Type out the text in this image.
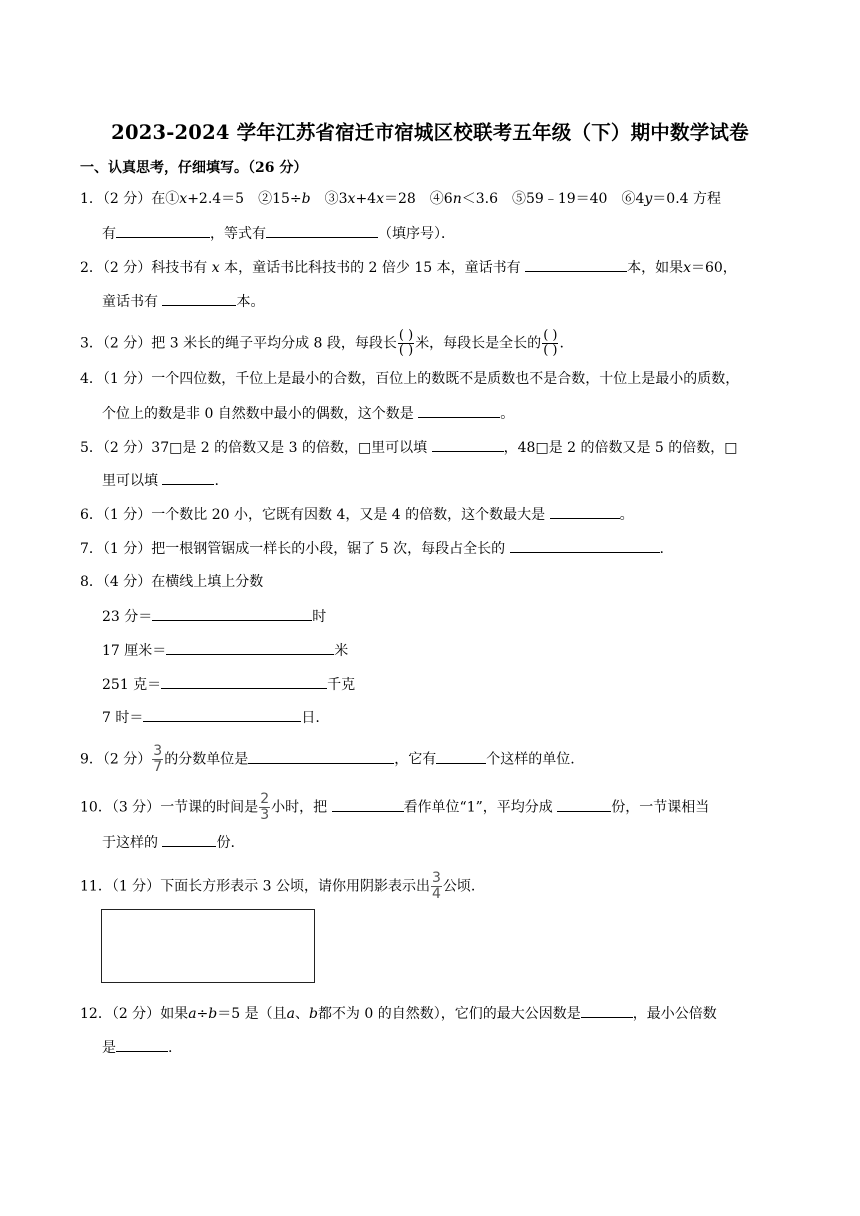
2023-2024 学年江苏省宿迁市宿城区校联考五年级（下）期中数学试卷
一、认真思考，仔细填写。（26 分）
1．（2 分）在①x+2.4＝5　②15÷b　③3x+4x＝28　④6n＜3.6　⑤59﹣19＝40　⑥4y＝0.4 方程
有	，等式有	（填序号）．
2．（2 分）科技书有 x 本，童话书比科技书的 2 倍少 15 本，童话书有	本，如果x＝60，
童话书有	本。
3．（2 分）把 3 米长的绳子平均分成 8 段，每段长 $\frac{( )}{( )}$ 米，每段长是全长的 $\frac{( )}{( )}$ .
4．（1 分）一个四位数，千位上是最小的合数，百位上的数既不是质数也不是合数，十位上是最小的质数，
个位上的数是非 0 自然数中最小的偶数，这个数是	。
5．（2 分）37□是 2 的倍数又是 3 的倍数，□里可以填	，48□是 2 的倍数又是 5 的倍数，□
里可以填	.
6．（1 分）一个数比 20 小，它既有因数 4，又是 4 的倍数，这个数最大是	。
7．（1 分）把一根钢管锯成一样长的小段，锯了 5 次，每段占全长的	.
8．（4 分）在横线上填上分数
23 分＝	时
17 厘米＝	米
251 克＝	千克
7 时＝	日.
9．（2 分） $\frac{3}{7}$ 的分数单位是	，它有	个这样的单位.
10．（3 分）一节课的时间是 $\frac{2}{3}$ 小时，把	看作单位“1”，平均分成	份，一节课相当
于这样的	份.
11．（1 分）下面长方形表示 3 公顷，请你用阴影表示出 $\frac{3}{4}$ 公顷.
12．（2 分）如果a÷b＝5 是（且a、b都不为 0 的自然数），它们的最大公因数是	，最小公倍数
是	.
